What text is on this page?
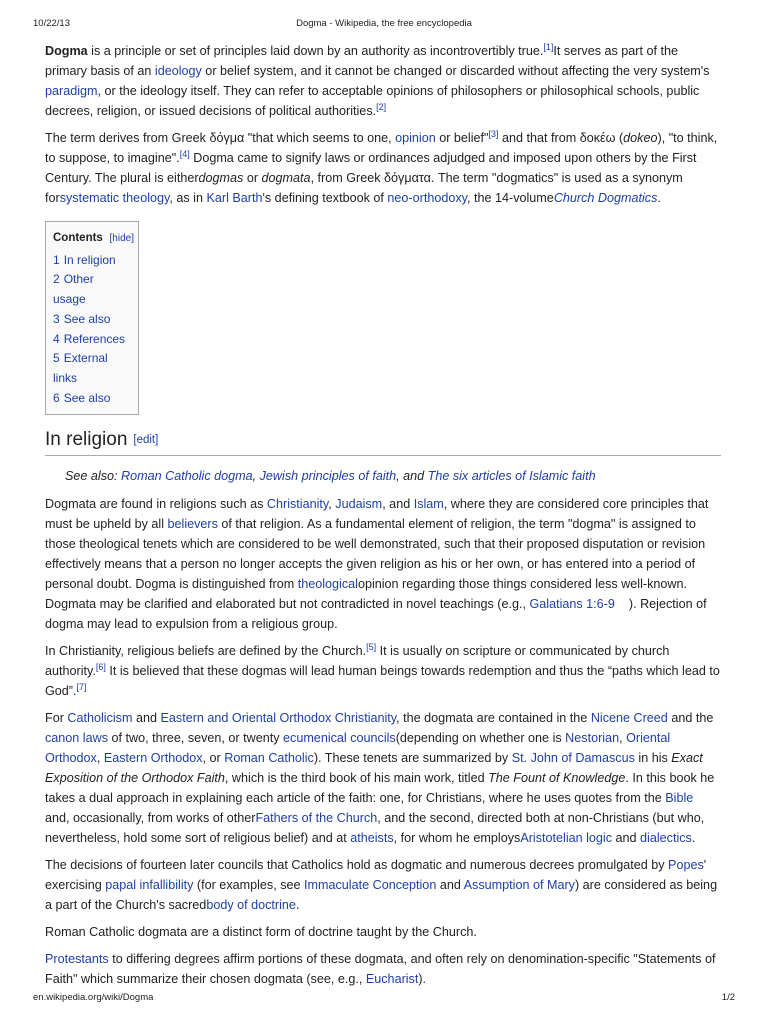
10/22/13	Dogma - Wikipedia, the free encyclopedia

Dogma is a principle or set of principles laid down by an authority as incontrovertibly true.[1]It serves as part of the primary basis of an ideology or belief system, and it cannot be changed or discarded without affecting the very system's paradigm, or the ideology itself. They can refer to acceptable opinions of philosophers or philosophical schools, public decrees, religion, or issued decisions of political authorities.[2]

The term derives from Greek δόγμα "that which seems to one, opinion or belief"[3] and that from δοκέω (dokeo), "to think, to suppose, to imagine".[4] Dogma came to signify laws or ordinances adjudged and imposed upon others by the First Century. The plural is eitherdogmas or dogmata, from Greek δόγματα. The term "dogmatics" is used as a synonym forsystematic theology, as in Karl Barth's defining textbook of neo-orthodoxy, the 14-volumeChurch Dogmatics.

Contents [hide]
1 In religion
2 Other usage
3 See also
4 References
5 External links
6 See also
In religion [edit]

See also: Roman Catholic dogma, Jewish principles of faith, and The six articles of Islamic faith

Dogmata are found in religions such as Christianity, Judaism, and Islam, where they are considered core principles that must be upheld by all believers of that religion. As a fundamental element of religion, the term "dogma" is assigned to those theological tenets which are considered to be well demonstrated, such that their proposed disputation or revision effectively means that a person no longer accepts the given religion as his or her own, or has entered into a period of personal doubt. Dogma is distinguished from theologicalopinion regarding those things considered less well-known. Dogmata may be clarified and elaborated but not contradicted in novel teachings (e.g., Galatians 1:6-9    ). Rejection of dogma may lead to expulsion from a religious group.

In Christianity, religious beliefs are defined by the Church.[5] It is usually on scripture or communicated by church authority.[6] It is believed that these dogmas will lead human beings towards redemption and thus the “paths which lead to God”.[7]

For Catholicism and Eastern and Oriental Orthodox Christianity, the dogmata are contained in the Nicene Creed and the canon laws of two, three, seven, or twenty ecumenical councils(depending on whether one is Nestorian, Oriental Orthodox, Eastern Orthodox, or Roman Catholic). These tenets are summarized by St. John of Damascus in his Exact Exposition of the Orthodox Faith, which is the third book of his main work, titled The Fount of Knowledge. In this book he takes a dual approach in explaining each article of the faith: one, for Christians, where he uses quotes from the Bible and, occasionally, from works of otherFathers of the Church, and the second, directed both at non-Christians (but who, nevertheless, hold some sort of religious belief) and at atheists, for whom he employsAristotelian logic and dialectics.

The decisions of fourteen later councils that Catholics hold as dogmatic and numerous decrees promulgated by Popes' exercising papal infallibility (for examples, see Immaculate Conception and Assumption of Mary) are considered as being a part of the Church's sacredbody of doctrine.

Roman Catholic dogmata are a distinct form of doctrine taught by the Church.

Protestants to differing degrees affirm portions of these dogmata, and often rely on denomination-specific "Statements of Faith" which summarize their chosen dogmata (see, e.g., Eucharist).

en.wikipedia.org/wiki/Dogma	1/2
